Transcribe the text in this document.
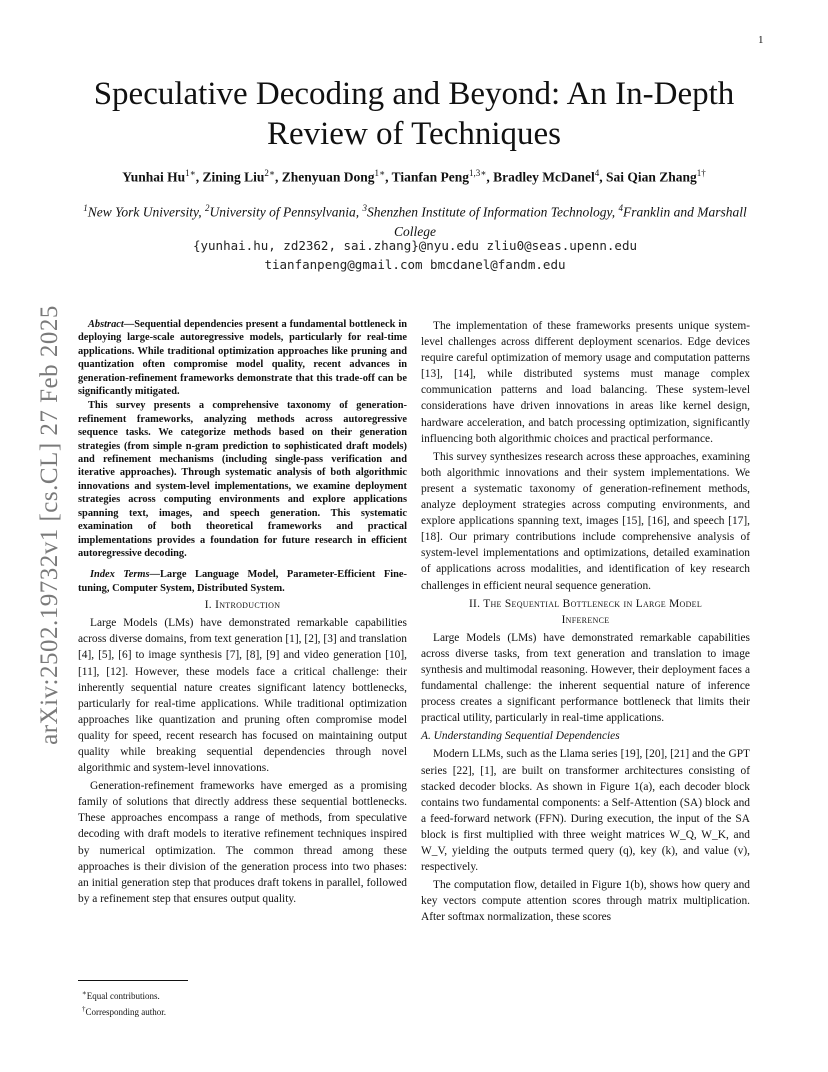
1
arXiv:2502.19732v1 [cs.CL] 27 Feb 2025
Speculative Decoding and Beyond: An In-Depth
Review of Techniques
Yunhai $Hu^{1∗}$, Zining Liu$^{2∗}$, Zhenyuan Dong$^{1∗}$, Tianfan Peng$^{1,3∗}$, Bradley McDanel$^4$, Sai Qian Zhang$^{1\dagger}$
$^1$New York University, $^2$University of Pennsylvania, $^3$Shenzhen Institute of Information Technology, $^4$Franklin and Marshall College
{yunhai.hu, zd2362, sai.zhang}@nyu.edu zliu0@seas.upenn.edu
tianfanpeng@gmail.com bmcdanel@fandm.edu

Abstract—Sequential dependencies present a fundamental bottleneck in deploying large-scale autoregressive models, particularly for real-time applications. While traditional optimization approaches like pruning and quantization often compromise model quality, recent advances in generation-refinement frameworks demonstrate that this trade-off can be significantly mitigated.

This survey presents a comprehensive taxonomy of generation-refinement frameworks, analyzing methods across autoregressive sequence tasks. We categorize methods based on their generation strategies (from simple n-gram prediction to sophisticated draft models) and refinement mechanisms (including single-pass verification and iterative approaches). Through systematic analysis of both algorithmic innovations and system-level implementations, we examine deployment strategies across computing environments and explore applications spanning text, images, and speech generation. This systematic examination of both theoretical frameworks and practical implementations provides a foundation for future research in efficient autoregressive decoding.

Index Terms—Large Language Model, Parameter-Efficient Fine-tuning, Computer System, Distributed System.

I. Introduction

Large Models (LMs) have demonstrated remarkable capabilities across diverse domains, from text generation [1], [2], [3] and translation [4], [5], [6] to image synthesis [7], [8], [9] and video generation [10], [11], [12]. However, these models face a critical challenge: their inherently sequential nature creates significant latency bottlenecks, particularly for real-time applications. While traditional optimization approaches like quantization and pruning often compromise model quality for speed, recent research has focused on maintaining output quality while breaking sequential dependencies through novel algorithmic and system-level innovations.

Generation-refinement frameworks have emerged as a promising family of solutions that directly address these sequential bottlenecks. These approaches encompass a range of methods, from speculative decoding with draft models to iterative refinement techniques inspired by numerical optimization. The common thread among these approaches is their division of the generation process into two phases: an initial generation step that produces draft tokens in parallel, followed by a refinement step that ensures output quality.

∗Equal contributions.
†Corresponding author.

The implementation of these frameworks presents unique system-level challenges across different deployment scenarios. Edge devices require careful optimization of memory usage and computation patterns [13], [14], while distributed systems must manage complex communication patterns and load balancing. These system-level considerations have driven innovations in areas like kernel design, hardware acceleration, and batch processing optimization, significantly influencing both algorithmic choices and practical performance.

This survey synthesizes research across these approaches, examining both algorithmic innovations and their system implementations. We present a systematic taxonomy of generation-refinement methods, analyze deployment strategies across computing environments, and explore applications spanning text, images [15], [16], and speech [17], [18]. Our primary contributions include comprehensive analysis of system-level implementations and optimizations, detailed examination of applications across modalities, and identification of key research challenges in efficient neural sequence generation.

II. The Sequential Bottleneck in Large Model
Inference

Large Models (LMs) have demonstrated remarkable capabilities across diverse tasks, from text generation and translation to image synthesis and multimodal reasoning. However, their deployment faces a fundamental challenge: the inherent sequential nature of inference process creates a significant performance bottleneck that limits their practical utility, particularly in real-time applications.

A. Understanding Sequential Dependencies

Modern LLMs, such as the Llama series [19], [20], [21] and the GPT series [22], [1], are built on transformer architectures consisting of stacked decoder blocks. As shown in Figure 1(a), each decoder block contains two fundamental components: a Self-Attention (SA) block and a feed-forward network (FFN). During execution, the input of the SA block is first multiplied with three weight matrices W_Q, W_K, and W_V, yielding the outputs termed query (q), key (k), and value (v), respectively.

The computation flow, detailed in Figure 1(b), shows how query and key vectors compute attention scores through matrix multiplication. After softmax normalization, these scores
